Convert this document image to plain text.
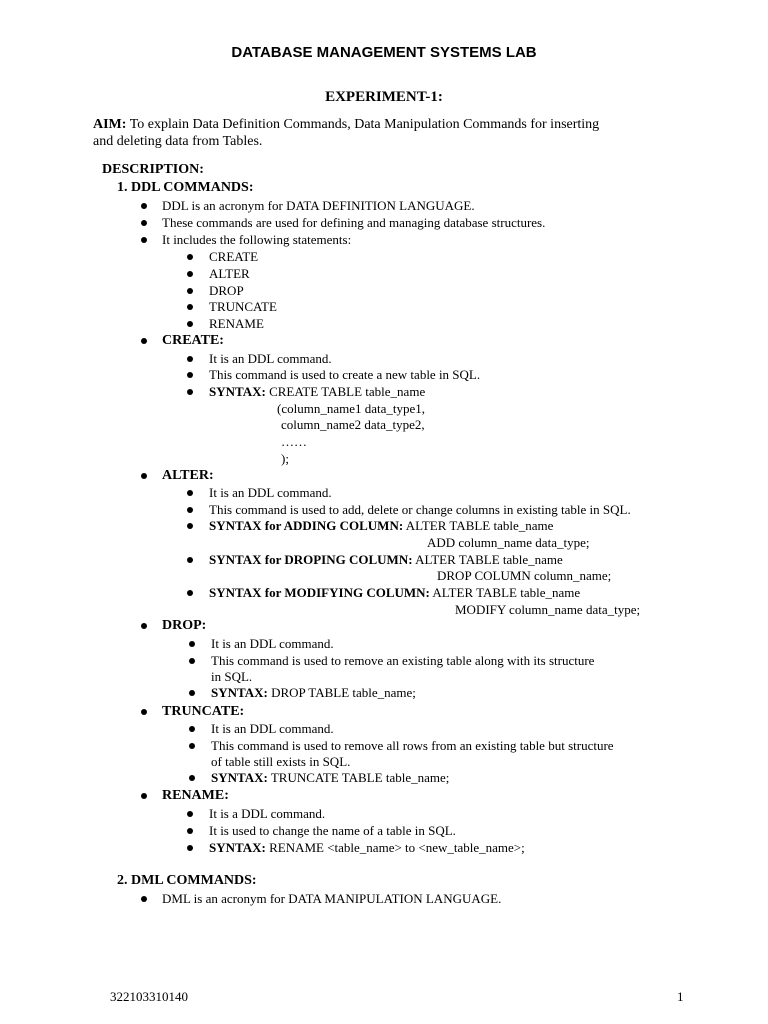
DATABASE MANAGEMENT SYSTEMS LAB
EXPERIMENT-1:
AIM: To explain Data Definition Commands, Data Manipulation Commands for inserting
and deleting data from Tables.
DESCRIPTION:
1. DDL COMMANDS:
DDL is an acronym for DATA DEFINITION LANGUAGE.
These commands are used for defining and managing database structures.
It includes the following statements:
CREATE
ALTER
DROP
TRUNCATE
RENAME
CREATE:
It is an DDL command.
This command is used to create a new table in SQL.
SYNTAX: CREATE TABLE table_name
(column_name1 data_type1,
column_name2 data_type2,
……
);
ALTER:
It is an DDL command.
This command is used to add, delete or change columns in existing table in SQL.
SYNTAX for ADDING COLUMN: ALTER TABLE table_name
ADD column_name data_type;
SYNTAX for DROPING COLUMN: ALTER TABLE table_name
DROP COLUMN column_name;
SYNTAX for MODIFYING COLUMN: ALTER TABLE table_name
MODIFY column_name data_type;
DROP:
It is an DDL command.
This command is used to remove an existing table along with its structure
in SQL.
SYNTAX: DROP TABLE table_name;
TRUNCATE:
It is an DDL command.
This command is used to remove all rows from an existing table but structure
of table still exists in SQL.
SYNTAX: TRUNCATE TABLE table_name;
RENAME:
It is a DDL command.
It is used to change the name of a table in SQL.
SYNTAX: RENAME <table_name> to <new_table_name>;
2. DML COMMANDS:
DML is an acronym for DATA MANIPULATION LANGUAGE.
322103310140	1
